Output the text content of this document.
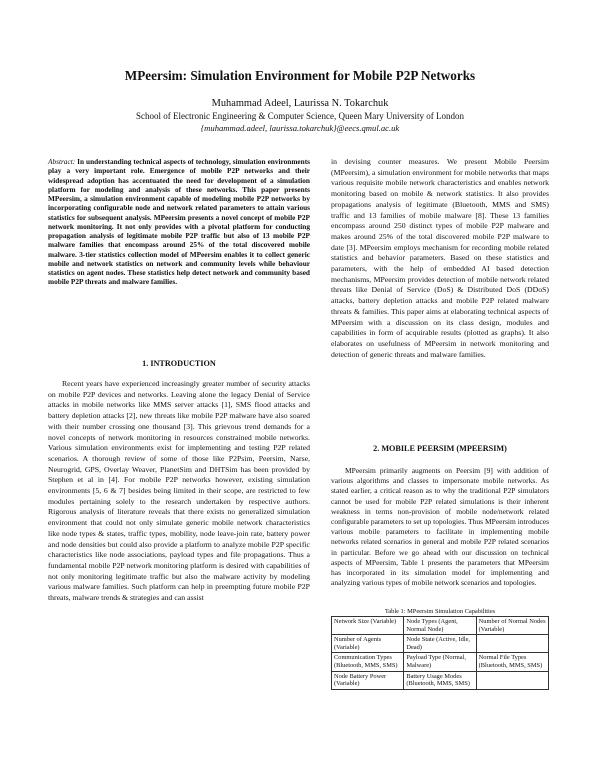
MPeersim: Simulation Environment for Mobile P2P Networks
Muhammad Adeel, Laurissa N. Tokarchuk
School of Electronic Engineering & Computer Science, Queen Mary University of London
{muhammad.adeel, laurissa.tokarchuk}@eecs.qmul.ac.uk

Abstract: In understanding technical aspects of technology, simulation environments play a very important role. Emergence of mobile P2P networks and their widespread adoption has accentuated the need for development of a simulation platform for modeling and analysis of these networks. This paper presents MPeersim, a simulation environment capable of modeling mobile P2P networks by incorporating configurable node and network related parameters to attain various statistics for subsequent analysis. MPeersim presents a novel concept of mobile P2P network monitoring. It not only provides with a pivotal platform for conducting propagation analysis of legitimate mobile P2P traffic but also of 13 mobile P2P malware families that encompass around 25% of the total discovered mobile malware. 3-tier statistics collection model of MPeersim enables it to collect generic mobile and network statistics on network and community levels while behaviour statistics on agent nodes. These statistics help detect network and community based mobile P2P threats and malware families.

1. INTRODUCTION

Recent years have experienced increasingly greater number of security attacks on mobile P2P devices and networks. Leaving alone the legacy Denial of Service attacks in mobile networks like MMS server attacks [1], SMS flood attacks and battery depletion attacks [2], new threats like mobile P2P malware have also soared with their number crossing one thousand [3]. This grievous trend demands for a novel concepts of network monitoring in resources constrained mobile networks. Various simulation environments exist for implementing and testing P2P related scenarios. A thorough review of some of those like P2Psim, Peersim, Narse, Neurogrid, GPS, Overlay Weaver, PlanetSim and DHTSim has been provided by Stephen et al in [4]. For mobile P2P networks however, existing simulation environments [5, 6 & 7] besides being limited in their scope, are restricted to few modules pertaining solely to the research undertaken by respective authors. Rigorous analysis of literature reveals that there exists no generalized simulation environment that could not only simulate generic mobile network characteristics like node types & states, traffic types, mobility, node leave-join rate, battery power and node densities but could also provide a platform to analyze mobile P2P specific characteristics like node associations, payload types and file propagations. Thus a fundamental mobile P2P network monitoring platform is desired with capabilities of not only monitoring legitimate traffic but also the malware activity by modeling various malware families. Such platform can help in preempting future mobile P2P threats, malware trends & strategies and can assist

in devising counter measures. We present Mobile Peersim (MPeersim), a simulation environment for mobile networks that maps various requisite mobile network characteristics and enables network monitoring based on mobile & network statistics. It also provides propagations analysis of legitimate (Bluetooth, MMS and SMS) traffic and 13 families of mobile malware [8]. These 13 families encompass around 250 distinct types of mobile P2P malware and makes around 25% of the total discovered mobile P2P malware to date [3]. MPeersim employs mechanism for recording mobile related statistics and behavior parameters. Based on these statistics and parameters, with the help of embedded AI based detection mechanisms, MPeersim provides detection of mobile network related threats like Denial of Service (DoS) & Distributed DoS (DDoS) attacks, battery depletion attacks and mobile P2P related malware threats & families. This paper aims at elaborating technical aspects of MPeersim with a discussion on its class design, modules and capabilities in form of acquirable results (plotted as graphs). It also elaborates on usefulness of MPeersim in network monitoring and detection of generic threats and malware families.

2. MOBILE PEERSIM (MPEERSIM)

MPeersim primarily augments on Peersim [9] with addition of various algorithms and classes to impersonate mobile networks. As stated earlier, a critical reason as to why the traditional P2P simulators cannot be used for mobile P2P related simulations is their inherent weakness in terms non-provision of mobile node/network related configurable parameters to set up topologies. Thus MPeersim introduces various mobile parameters to facilitate in implementing mobile networks related scenarios in general and mobile P2P related scenarios in particular. Before we go ahead with our discussion on technical aspects of MPeersim, Table 1 presents the parameters that MPeersim has incorporated in its simulation model for implementing and analyzing various types of mobile network scenarios and topologies.

Table 1: MPeersim Simulation Capabilities
Network Size (Variable)	Node Types (Agent, Normal Node)	Number of Normal Nodes (Variable)
Number of Agents (Variable)	Node State (Active, Idle, Dead)	
Communication Types (Bluetooth, MMS, SMS)	Payload Type (Normal, Malware)	Normal File Types (Bluetooth, MMS, SMS)
Node Battery Power (Variable)	Battery Usage Modes (Bluetooth, MMS, SMS)	
